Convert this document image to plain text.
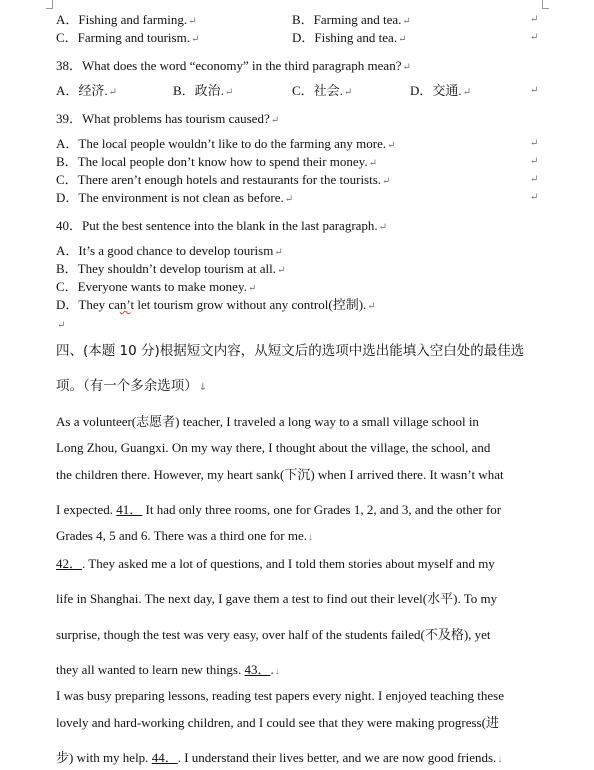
A．Fishing and farming.↵	B．Farming and tea.↵	↵
C．Farming and tourism.↵	D．Fishing and tea.↵	↵
38．What does the word “economy” in the third paragraph mean?↵
A．经济.↵	B．政治.↵	C．社会.↵	D．交通.↵	↵
39．What problems has tourism caused?↵
A．The local people wouldn’t like to do the farming any more.↵	↵
B．The local people don’t know how to spend their money.↵	↵
C．There aren’t enough hotels and restaurants for the tourists.↵	↵
D．The environment is not clean as before.↵	↵
40．Put the best sentence into the blank in the last paragraph.↵
A．It’s a good chance to develop tourism↵
B．They shouldn’t develop tourism at all.↵
C．Everyone wants to make money.↵
D．They can’t let tourism grow without any control(控制).↵
↵
四、(本题 10 分)根据短文内容，从短文后的选项中选出能填入空白处的最佳选
项。（有一个多余选项）↓
As a volunteer(志愿者) teacher, I traveled a long way to a small village school in
Long Zhou, Guangxi. On my way there, I thought about the village, the school, and
the children there. However, my heart sank(下沉) when I arrived there. It wasn’t what
I expected. 41． It had only three rooms, one for Grades 1, 2, and 3, and the other for
Grades 4, 5 and 6. There was a third one for me.↓
42．. They asked me a lot of questions, and I told them stories about myself and my
life in Shanghai. The next day, I gave them a test to find out their level(水平). To my
surprise, though the test was very easy, over half of the students failed(不及格), yet
they all wanted to learn new things. 43．.↓
I was busy preparing lessons, reading test papers every night. I enjoyed teaching these
lovely and hard-working children, and I could see that they were making progress(进
步) with my help. 44．. I understand their lives better, and we are now good friends.↓
